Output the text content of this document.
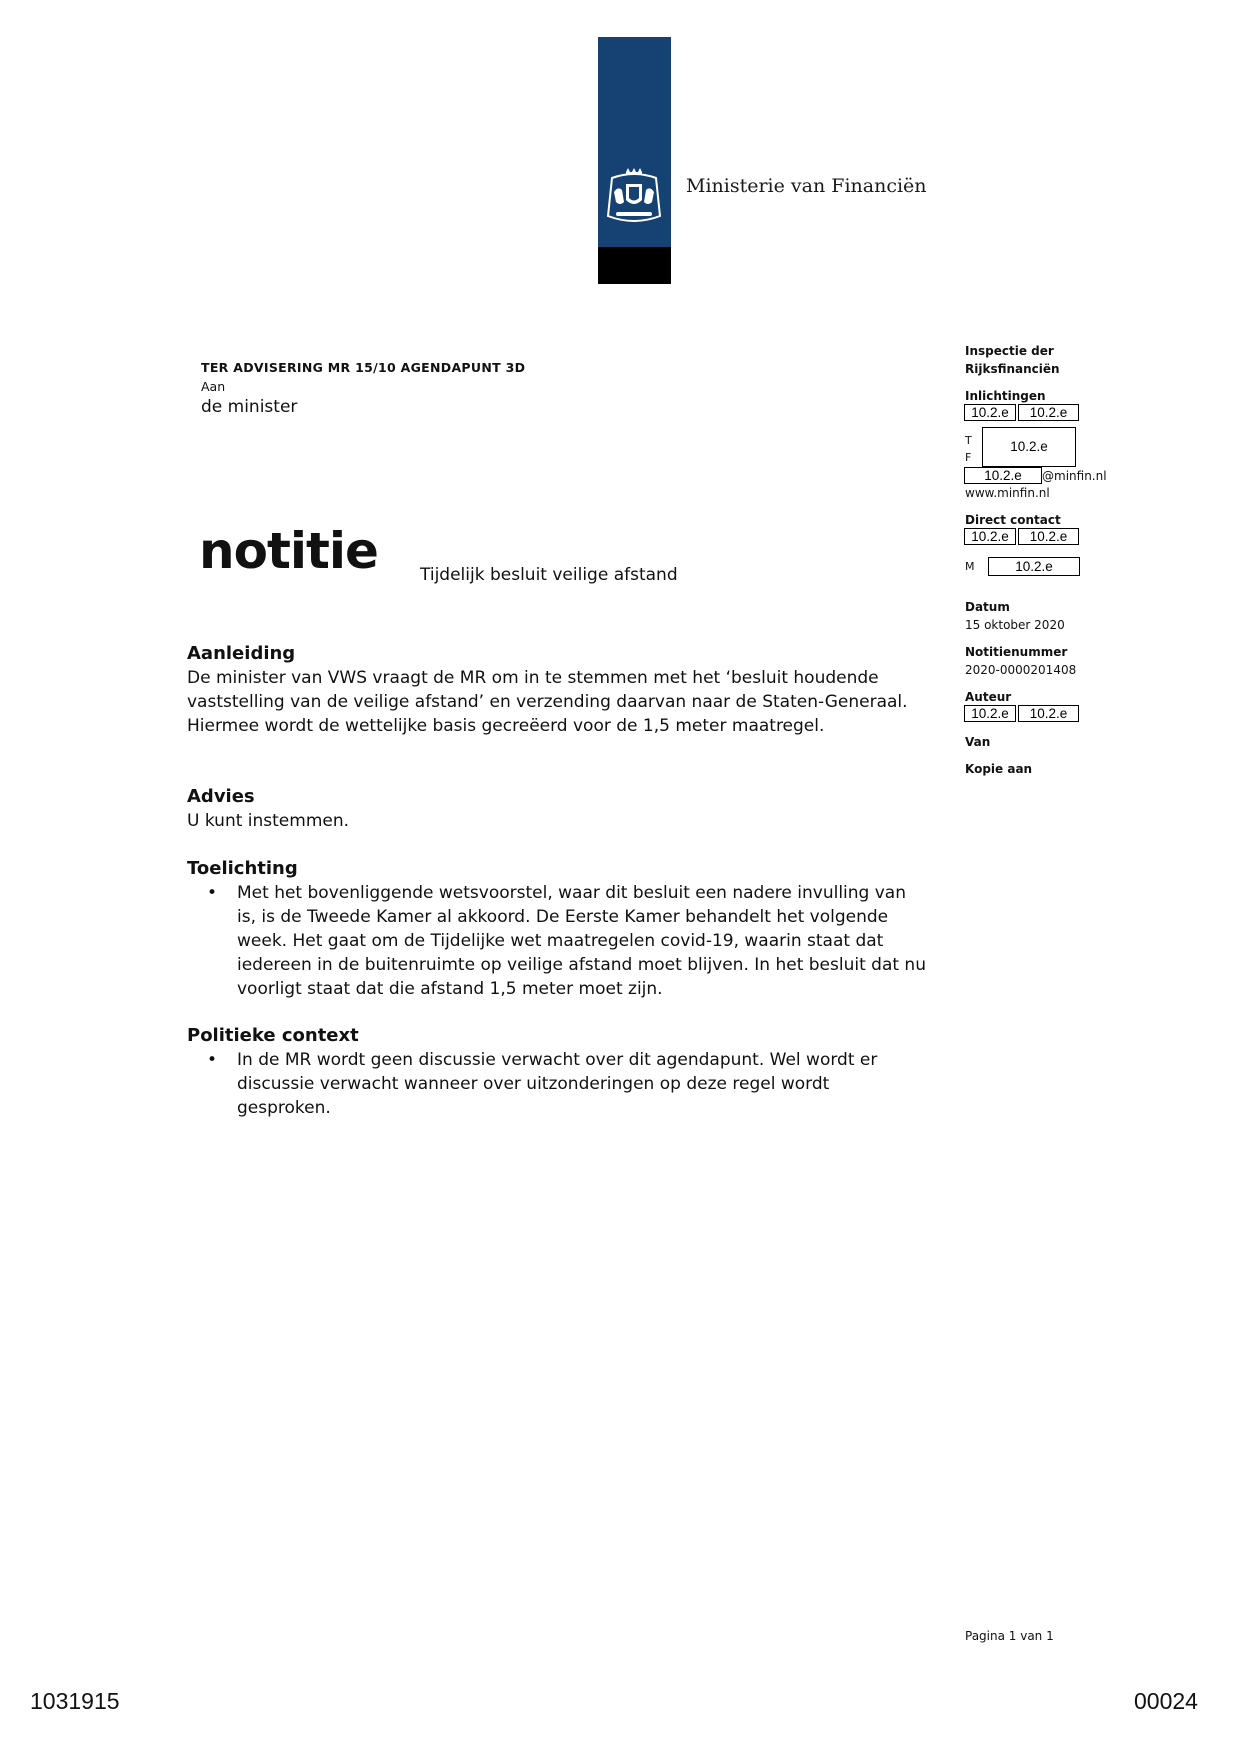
Ministerie van Financiën
TER ADVISERING MR 15/10 AGENDAPUNT 3D
Aan
de minister
notitie Tijdelijk besluit veilige afstand

Aanleiding

De minister van VWS vraagt de MR om in te stemmen met het ‘besluit houdende vaststelling van de veilige afstand’ en verzending daarvan naar de Staten-Generaal. Hiermee wordt de wettelijke basis gecreëerd voor de 1,5 meter maatregel.

Advies

U kunt instemmen.

Toelichting

•	Met het bovenliggende wetsvoorstel, waar dit besluit een nadere invulling van is, is de Tweede Kamer al akkoord. De Eerste Kamer behandelt het volgende week. Het gaat om de Tijdelijke wet maatregelen covid-19, waarin staat dat iedereen in de buitenruimte op veilige afstand moet blijven. In het besluit dat nu voorligt staat dat die afstand 1,5 meter moet zijn.

Politieke context

•	In de MR wordt geen discussie verwacht over dit agendapunt. Wel wordt er discussie verwacht wanneer over uitzonderingen op deze regel wordt gesproken.
Inspectie der
Rijksfinanciën
Inlichtingen
10.2.e	10.2.e
T
F
10.2.e
10.2.e	@minfin.nl
www.minfin.nl
Direct contact
10.2.e	10.2.e
M	10.2.e
Datum
15 oktober 2020
Notitienummer
2020-0000201408
Auteur
10.2.e	10.2.e
Van
Kopie aan
Pagina 1 van 1
1031915	00024
